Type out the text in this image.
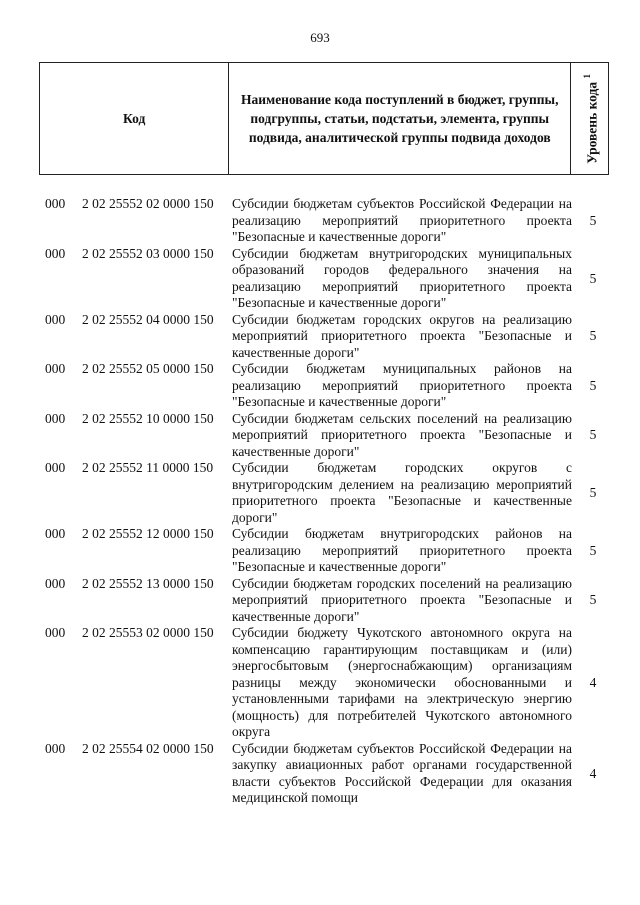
693
Код
Наименование кода поступлений в бюджет, группы, подгруппы, статьи, подстатьи, элемента, группы подвида, аналитической группы подвида доходов	Уровень кода $^1$
000 2 02 25552 02 0000 150 Субсидии бюджетам субъектов Российской Федерации на реализацию мероприятий приоритетного проекта "Безопасные и качественные дороги"
5
000 2 02 25552 03 0000 150 Субсидии бюджетам внутригородских муниципальных образований городов федерального значения на реализацию мероприятий приоритетного проекта "Безопасные и качественные дороги"
5
000 2 02 25552 04 0000 150 Субсидии бюджетам городских округов на реализацию мероприятий приоритетного проекта "Безопасные и качественные дороги"
5
000 2 02 25552 05 0000 150 Субсидии бюджетам муниципальных районов на реализацию мероприятий приоритетного проекта "Безопасные и качественные дороги"
5
000 2 02 25552 10 0000 150 Субсидии бюджетам сельских поселений на реализацию мероприятий приоритетного проекта "Безопасные и качественные дороги"
5
000 2 02 25552 11 0000 150 Субсидии бюджетам городских округов с внутригородским делением на реализацию мероприятий приоритетного проекта "Безопасные и качественные дороги"
5
000 2 02 25552 12 0000 150 Субсидии бюджетам внутригородских районов на реализацию мероприятий приоритетного проекта "Безопасные и качественные дороги"
5
000 2 02 25552 13 0000 150 Субсидии бюджетам городских поселений на реализацию мероприятий приоритетного проекта "Безопасные и качественные дороги"
5
000 2 02 25553 02 0000 150 Субсидии бюджету Чукотского автономного округа на компенсацию гарантирующим поставщикам и (или) энергосбытовым (энергоснабжающим) организациям разницы между экономически обоснованными и установленными тарифами на электрическую энергию (мощность) для потребителей Чукотского автономного округа
4
000 2 02 25554 02 0000 150 Субсидии бюджетам субъектов Российской Федерации на закупку авиационных работ органами государственной власти субъектов Российской Федерации для оказания медицинской помощи
4
